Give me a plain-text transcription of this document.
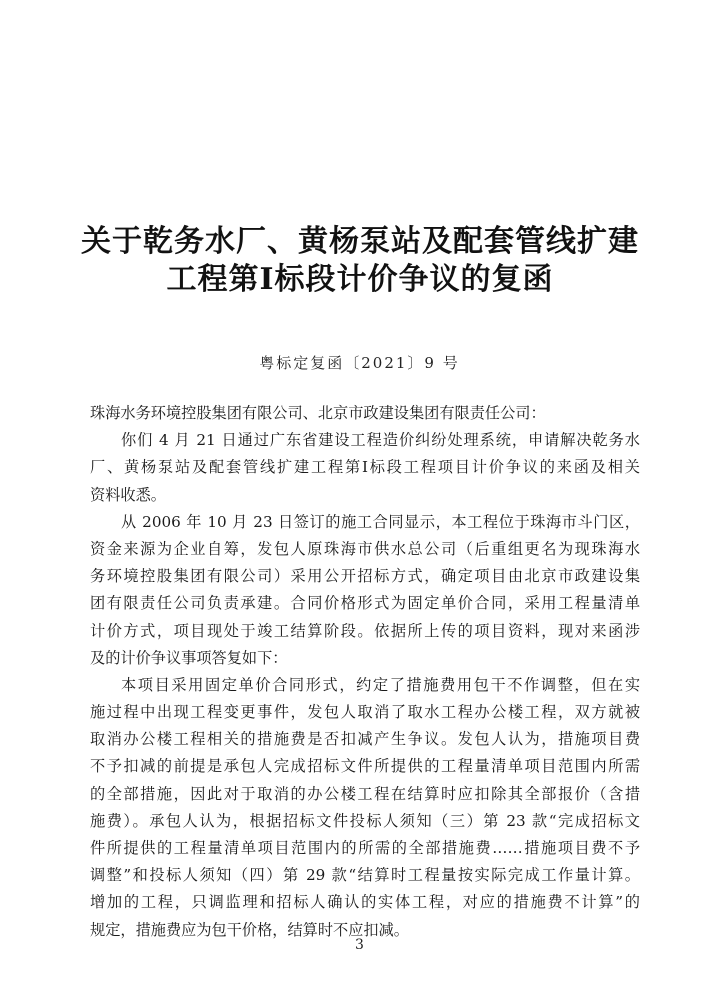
关于乾务水厂、黄杨泵站及配套管线扩建
工程第Ⅰ标段计价争议的复函
粤标定复函〔2021〕9 号
珠海水务环境控股集团有限公司、北京市政建设集团有限责任公司：
你们 4 月 21 日通过广东省建设工程造价纠纷处理系统，申请解决乾务水
厂、黄杨泵站及配套管线扩建工程第Ⅰ标段工程项目计价争议的来函及相关
资料收悉。
从 2006 年 10 月 23 日签订的施工合同显示，本工程位于珠海市斗门区，
资金来源为企业自筹，发包人原珠海市供水总公司（后重组更名为现珠海水
务环境控股集团有限公司）采用公开招标方式，确定项目由北京市政建设集
团有限责任公司负责承建。合同价格形式为固定单价合同，采用工程量清单
计价方式，项目现处于竣工结算阶段。依据所上传的项目资料，现对来函涉
及的计价争议事项答复如下：
本项目采用固定单价合同形式，约定了措施费用包干不作调整，但在实
施过程中出现工程变更事件，发包人取消了取水工程办公楼工程，双方就被
取消办公楼工程相关的措施费是否扣减产生争议。发包人认为，措施项目费
不予扣减的前提是承包人完成招标文件所提供的工程量清单项目范围内所需
的全部措施，因此对于取消的办公楼工程在结算时应扣除其全部报价（含措
施费）。承包人认为，根据招标文件投标人须知（三）第 23 款“完成招标文
件所提供的工程量清单项目范围内的所需的全部措施费……措施项目费不予
调整”和投标人须知（四）第 29 款“结算时工程量按实际完成工作量计算。
增加的工程，只调监理和招标人确认的实体工程，对应的措施费不计算”的
规定，措施费应为包干价格，结算时不应扣减。
3
